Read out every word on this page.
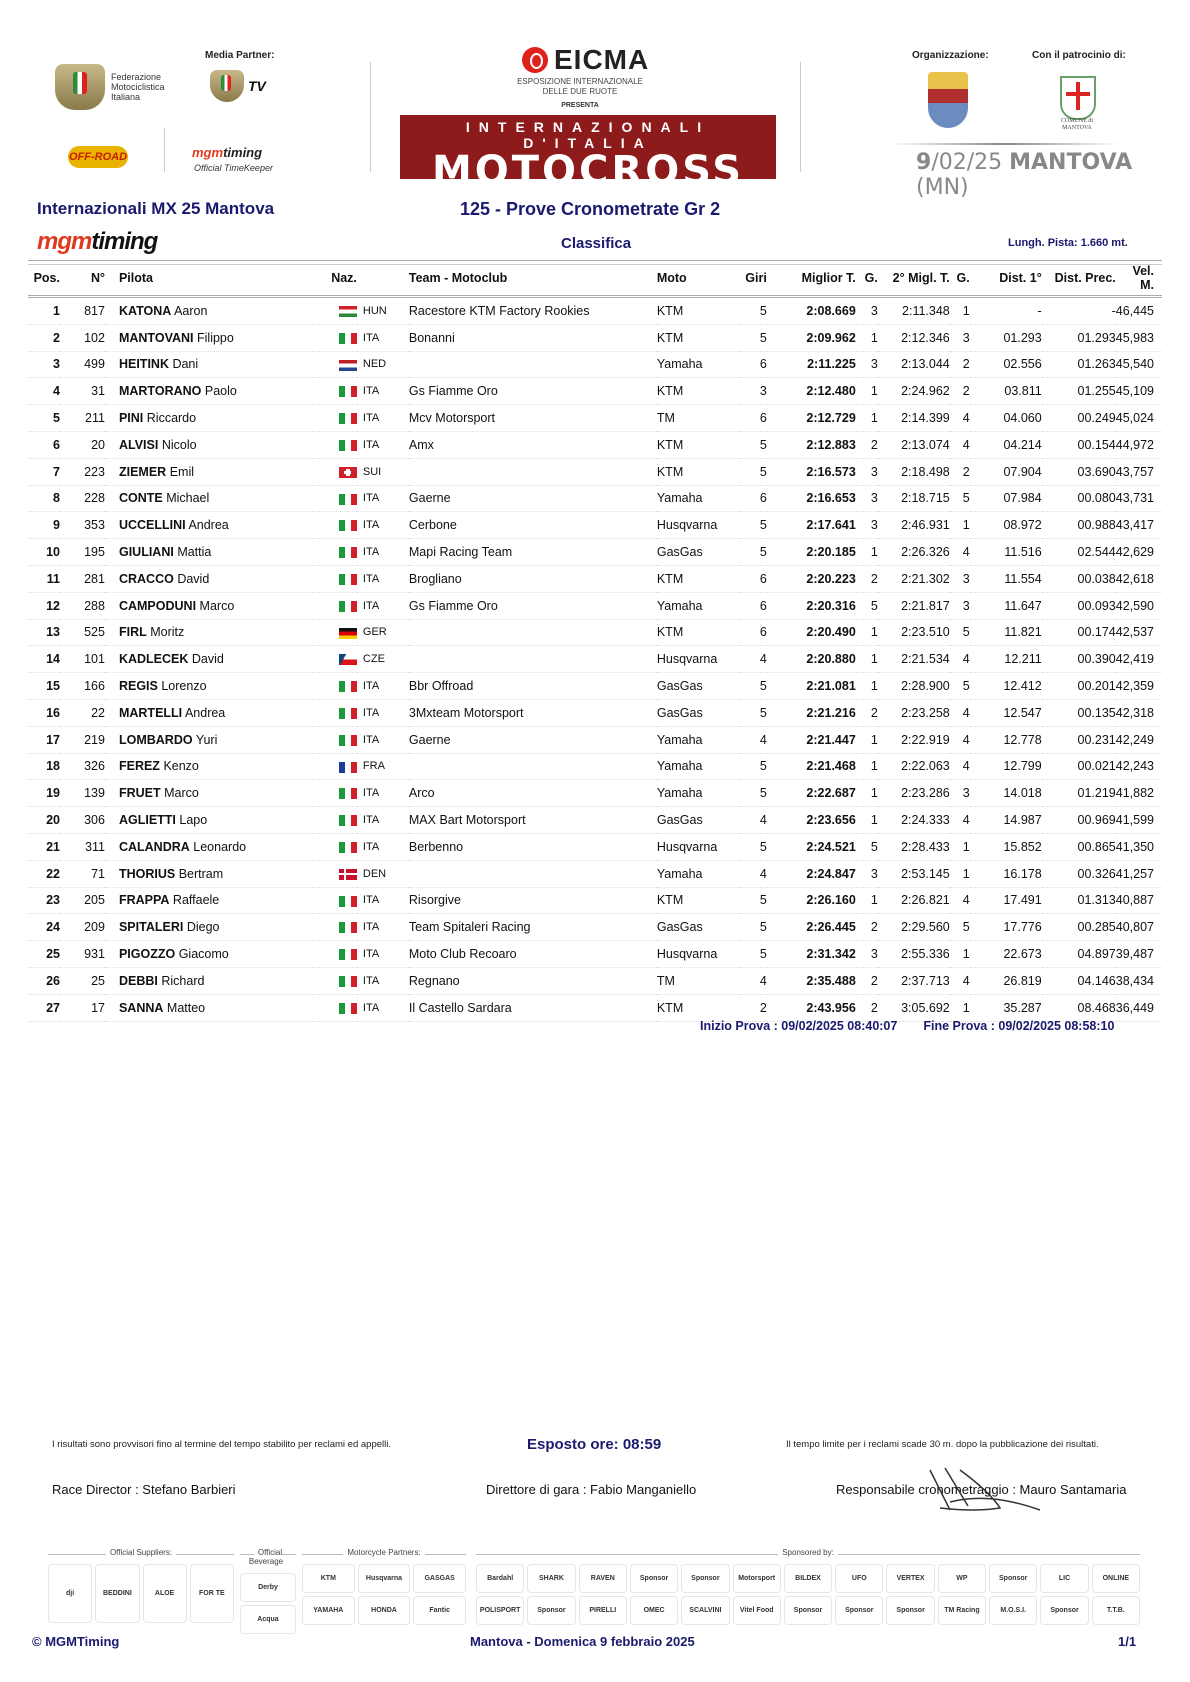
Federazione Motociclistica Italiana
Media Partner:
TV
OFF-ROAD	mgmtiming
Official TimeKeeper
EICMA
ESPOSIZIONE INTERNAZIONALE
DELLE DUE RUOTE
PRESENTA
INTERNAZIONALI D'ITALIA
MOTOCROSS
Organizzazione:	Con il patrocinio di:
COMUNE di MANTOVA
9/02/25 MANTOVA (MN)
Internazionali MX 25 Mantova	125 - Prove Cronometrate Gr 2
mgmtiming	Classifica	Lungh. Pista: 1.660 mt.
Pos.	N°	Pilota	Naz.		Team - Motoclub	Moto	Giri	Miglior T.	G.	2° Migl. T.	G.	Dist. 1°	Dist. Prec.	Vel. M.
1	817	KATONA Aaron		HUN	Racestore KTM Factory Rookies	KTM	5	2:08.669	3	2:11.348	1	-	-	46,445
2	102	MANTOVANI Filippo		ITA	Bonanni	KTM	5	2:09.962	1	2:12.346	3	01.293	01.293	45,983
3	499	HEITINK Dani		NED		Yamaha	6	2:11.225	3	2:13.044	2	02.556	01.263	45,540
4	31	MARTORANO Paolo		ITA	Gs Fiamme Oro	KTM	3	2:12.480	1	2:24.962	2	03.811	01.255	45,109
5	211	PINI Riccardo		ITA	Mcv Motorsport	TM	6	2:12.729	1	2:14.399	4	04.060	00.249	45,024
6	20	ALVISI Nicolo		ITA	Amx	KTM	5	2:12.883	2	2:13.074	4	04.214	00.154	44,972
7	223	ZIEMER Emil		SUI		KTM	5	2:16.573	3	2:18.498	2	07.904	03.690	43,757
8	228	CONTE Michael		ITA	Gaerne	Yamaha	6	2:16.653	3	2:18.715	5	07.984	00.080	43,731
9	353	UCCELLINI Andrea		ITA	Cerbone	Husqvarna	5	2:17.641	3	2:46.931	1	08.972	00.988	43,417
10	195	GIULIANI Mattia		ITA	Mapi Racing Team	GasGas	5	2:20.185	1	2:26.326	4	11.516	02.544	42,629
11	281	CRACCO David		ITA	Brogliano	KTM	6	2:20.223	2	2:21.302	3	11.554	00.038	42,618
12	288	CAMPODUNI Marco		ITA	Gs Fiamme Oro	Yamaha	6	2:20.316	5	2:21.817	3	11.647	00.093	42,590
13	525	FIRL Moritz		GER		KTM	6	2:20.490	1	2:23.510	5	11.821	00.174	42,537
14	101	KADLECEK David		CZE		Husqvarna	4	2:20.880	1	2:21.534	4	12.211	00.390	42,419
15	166	REGIS Lorenzo		ITA	Bbr Offroad	GasGas	5	2:21.081	1	2:28.900	5	12.412	00.201	42,359
16	22	MARTELLI Andrea		ITA	3Mxteam Motorsport	GasGas	5	2:21.216	2	2:23.258	4	12.547	00.135	42,318
17	219	LOMBARDO Yuri		ITA	Gaerne	Yamaha	4	2:21.447	1	2:22.919	4	12.778	00.231	42,249
18	326	FEREZ Kenzo		FRA		Yamaha	5	2:21.468	1	2:22.063	4	12.799	00.021	42,243
19	139	FRUET Marco		ITA	Arco	Yamaha	5	2:22.687	1	2:23.286	3	14.018	01.219	41,882
20	306	AGLIETTI Lapo		ITA	MAX Bart Motorsport	GasGas	4	2:23.656	1	2:24.333	4	14.987	00.969	41,599
21	311	CALANDRA Leonardo		ITA	Berbenno	Husqvarna	5	2:24.521	5	2:28.433	1	15.852	00.865	41,350
22	71	THORIUS Bertram		DEN		Yamaha	4	2:24.847	3	2:53.145	1	16.178	00.326	41,257
23	205	FRAPPA Raffaele		ITA	Risorgive	KTM	5	2:26.160	1	2:26.821	4	17.491	01.313	40,887
24	209	SPITALERI Diego		ITA	Team Spitaleri Racing	GasGas	5	2:26.445	2	2:29.560	5	17.776	00.285	40,807
25	931	PIGOZZO Giacomo		ITA	Moto Club Recoaro	Husqvarna	5	2:31.342	3	2:55.336	1	22.673	04.897	39,487
26	25	DEBBI Richard		ITA	Regnano	TM	4	2:35.488	2	2:37.713	4	26.819	04.146	38,434
27	17	SANNA Matteo		ITA	Il Castello Sardara	KTM	2	2:43.956	2	3:05.692	1	35.287	08.468	36,449
Inizio Prova : 09/02/2025 08:40:07 Fine Prova : 09/02/2025 08:58:10
I risultati sono provvisori fino al termine del tempo stabilito per reclami ed appelli.	Esposto ore: 08:59	Il tempo limite per i reclami scade 30 m. dopo la pubblicazione dei risultati.
Race Director : Stefano Barbieri	Direttore di gara : Fabio Manganiello	Responsabile cronometraggio : Mauro Santamaria
Official Suppliers:
dji	BEDDINI	ALOE	FOR TE
Official Beverage
Derby
Acqua
Motorcycle Partners:
KTM	Husqvarna	GASGAS
YAMAHA	HONDA	Fantic
Sponsored by:
Bardahl	SHARK	RAVEN	Sponsor	Sponsor	Motorsport	BILDEX	UFO	VERTEX	WP	Sponsor	LIC	ONLINE
POLISPORT	Sponsor	PIRELLI	OMEC	SCALVINI	Vitel Food	Sponsor	Sponsor	Sponsor	TM Racing	M.O.S.I.	Sponsor	T.T.B.
© MGMTiming	Mantova - Domenica 9 febbraio 2025	1/1
